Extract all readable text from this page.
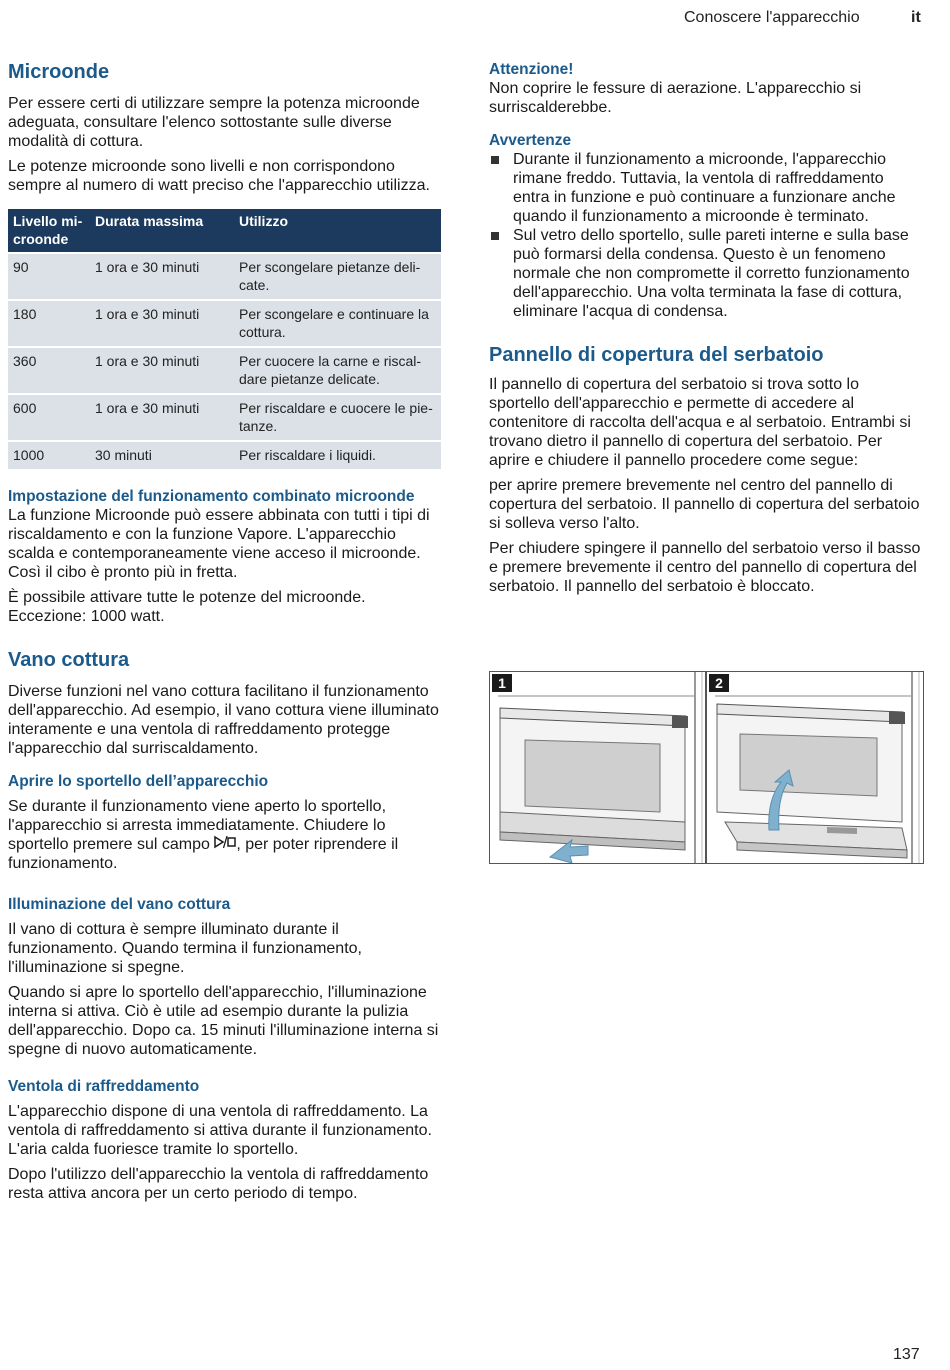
Conoscere l'apparecchio	it
Microonde

Per essere certi di utilizzare sempre la potenza microonde adeguata, consultare l'elenco sottostante sulle diverse modalità di cottura.

Le potenze microonde sono livelli e non corrispondono sempre al numero di watt preciso che l'apparecchio utilizza.

Livello mi-croonde	Durata massima	Utilizzo
90	1 ora e 30 minuti	Per scongelare pietanze deli-cate.
180	1 ora e 30 minuti	Per scongelare e continuare la cottura.
360	1 ora e 30 minuti	Per cuocere la carne e riscal-dare pietanze delicate.
600	1 ora e 30 minuti	Per riscaldare e cuocere le pie-tanze.
1000	30 minuti	Per riscaldare i liquidi.
Impostazione del funzionamento combinato microonde

La funzione Microonde può essere abbinata con tutti i tipi di riscaldamento e con la funzione Vapore. L'apparecchio scalda e contemporaneamente viene acceso il microonde. Così il cibo è pronto più in fretta.

È possibile attivare tutte le potenze del microonde. Eccezione: 1000 watt.

Vano cottura

Diverse funzioni nel vano cottura facilitano il funzionamento dell'apparecchio. Ad esempio, il vano cottura viene illuminato interamente e una ventola di raffreddamento protegge l'apparecchio dal surriscaldamento.

Aprire lo sportello dell’apparecchio

Se durante il funzionamento viene aperto lo sportello, l'apparecchio si arresta immediatamente. Chiudere lo sportello premere sul campo , per poter riprendere il funzionamento.

Illuminazione del vano cottura

Il vano di cottura è sempre illuminato durante il funzionamento. Quando termina il funzionamento, l'illuminazione si spegne.

Quando si apre lo sportello dell'apparecchio, l'illuminazione interna si attiva. Ciò è utile ad esempio durante la pulizia dell'apparecchio. Dopo ca. 15 minuti l'illuminazione interna si spegne di nuovo automaticamente.

Ventola di raffreddamento

L'apparecchio dispone di una ventola di raffreddamento. La ventola di raffreddamento si attiva durante il funzionamento. L'aria calda fuoriesce tramite lo sportello.

Dopo l'utilizzo dell'apparecchio la ventola di raffreddamento resta attiva ancora per un certo periodo di tempo.

Attenzione!

Non coprire le fessure di aerazione. L'apparecchio si surriscalderebbe.

Avvertenze
Durante il funzionamento a microonde, l'apparecchio rimane freddo. Tuttavia, la ventola di raffreddamento entra in funzione e può continuare a funzionare anche quando il funzionamento a microonde è terminato.
Sul vetro dello sportello, sulle pareti interne e sulla base può formarsi della condensa. Questo è un fenomeno normale che non compromette il corretto funzionamento dell'apparecchio. Una volta terminata la fase di cottura, eliminare l'acqua di condensa.
Pannello di copertura del serbatoio

Il pannello di copertura del serbatoio si trova sotto lo sportello dell'apparecchio e permette di accedere al contenitore di raccolta dell'acqua e al serbatoio. Entrambi si trovano dietro il pannello di copertura del serbatoio. Per aprire e chiudere il pannello procedere come segue:

per aprire premere brevemente nel centro del pannello di copertura del serbatoio. Il pannello di copertura del serbatoio si solleva verso l'alto.

Per chiudere spingere il pannello del serbatoio verso il basso e premere brevemente il centro del pannello di copertura del serbatoio. Il pannello del serbatoio è bloccato.

1	2
137
